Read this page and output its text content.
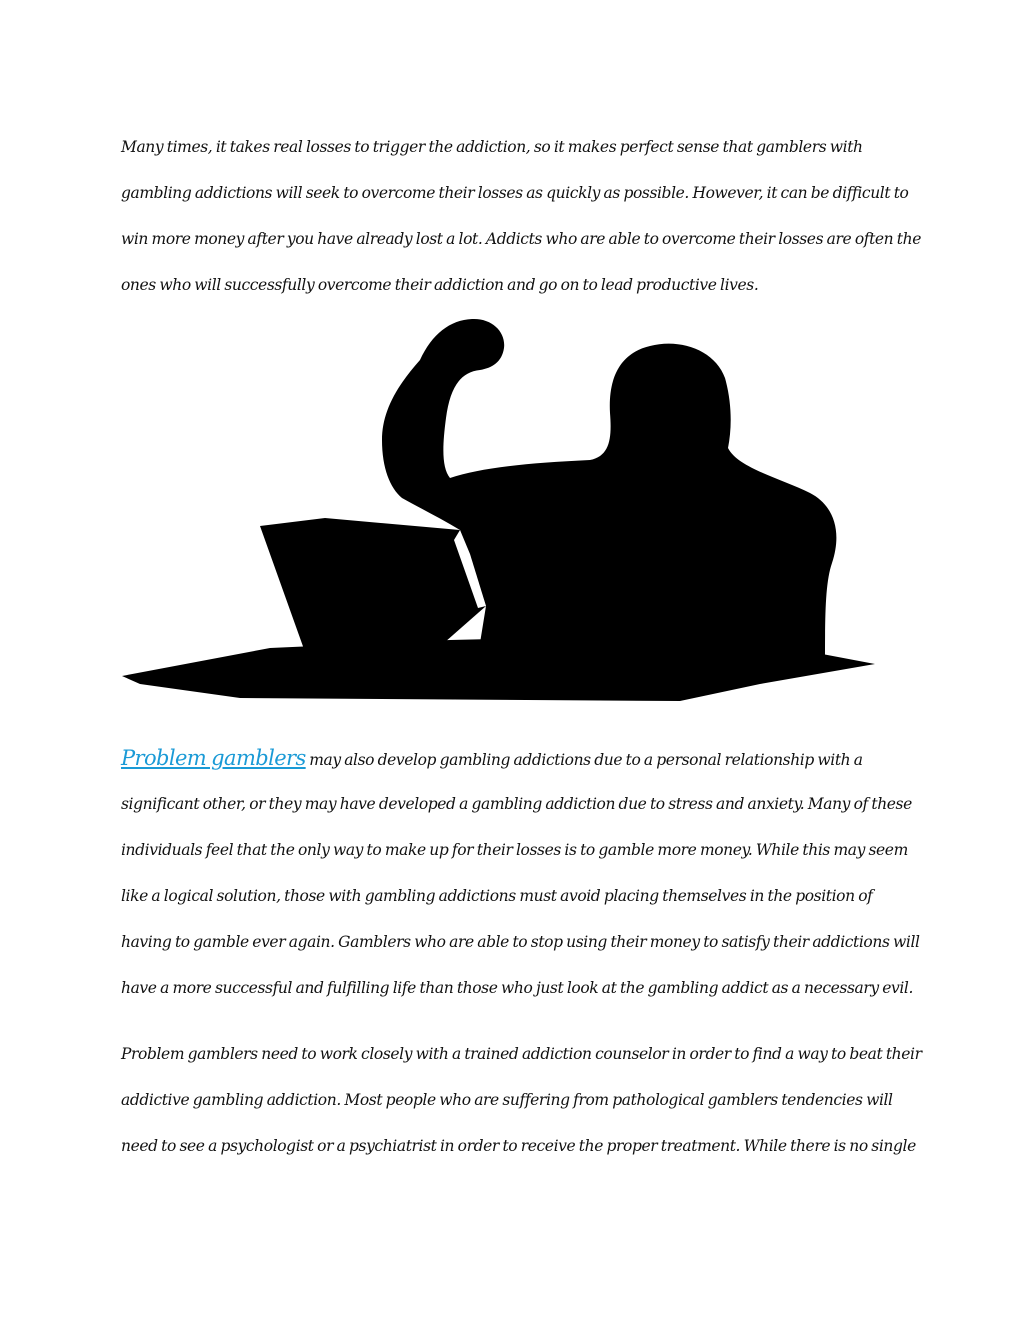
Many times, it takes real losses to trigger the addiction, so it makes perfect sense that gamblers with
gambling addictions will seek to overcome their losses as quickly as possible. However, it can be difficult to
win more money after you have already lost a lot. Addicts who are able to overcome their losses are often the
ones who will successfully overcome their addiction and go on to lead productive lives.

Problem gamblers may also develop gambling addictions due to a personal relationship with a
significant other, or they may have developed a gambling addiction due to stress and anxiety. Many of these
individuals feel that the only way to make up for their losses is to gamble more money. While this may seem
like a logical solution, those with gambling addictions must avoid placing themselves in the position of
having to gamble ever again. Gamblers who are able to stop using their money to satisfy their addictions will
have a more successful and fulfilling life than those who just look at the gambling addict as a necessary evil.

Problem gamblers need to work closely with a trained addiction counselor in order to find a way to beat their
addictive gambling addiction. Most people who are suffering from pathological gamblers tendencies will
need to see a psychologist or a psychiatrist in order to receive the proper treatment. While there is no single
